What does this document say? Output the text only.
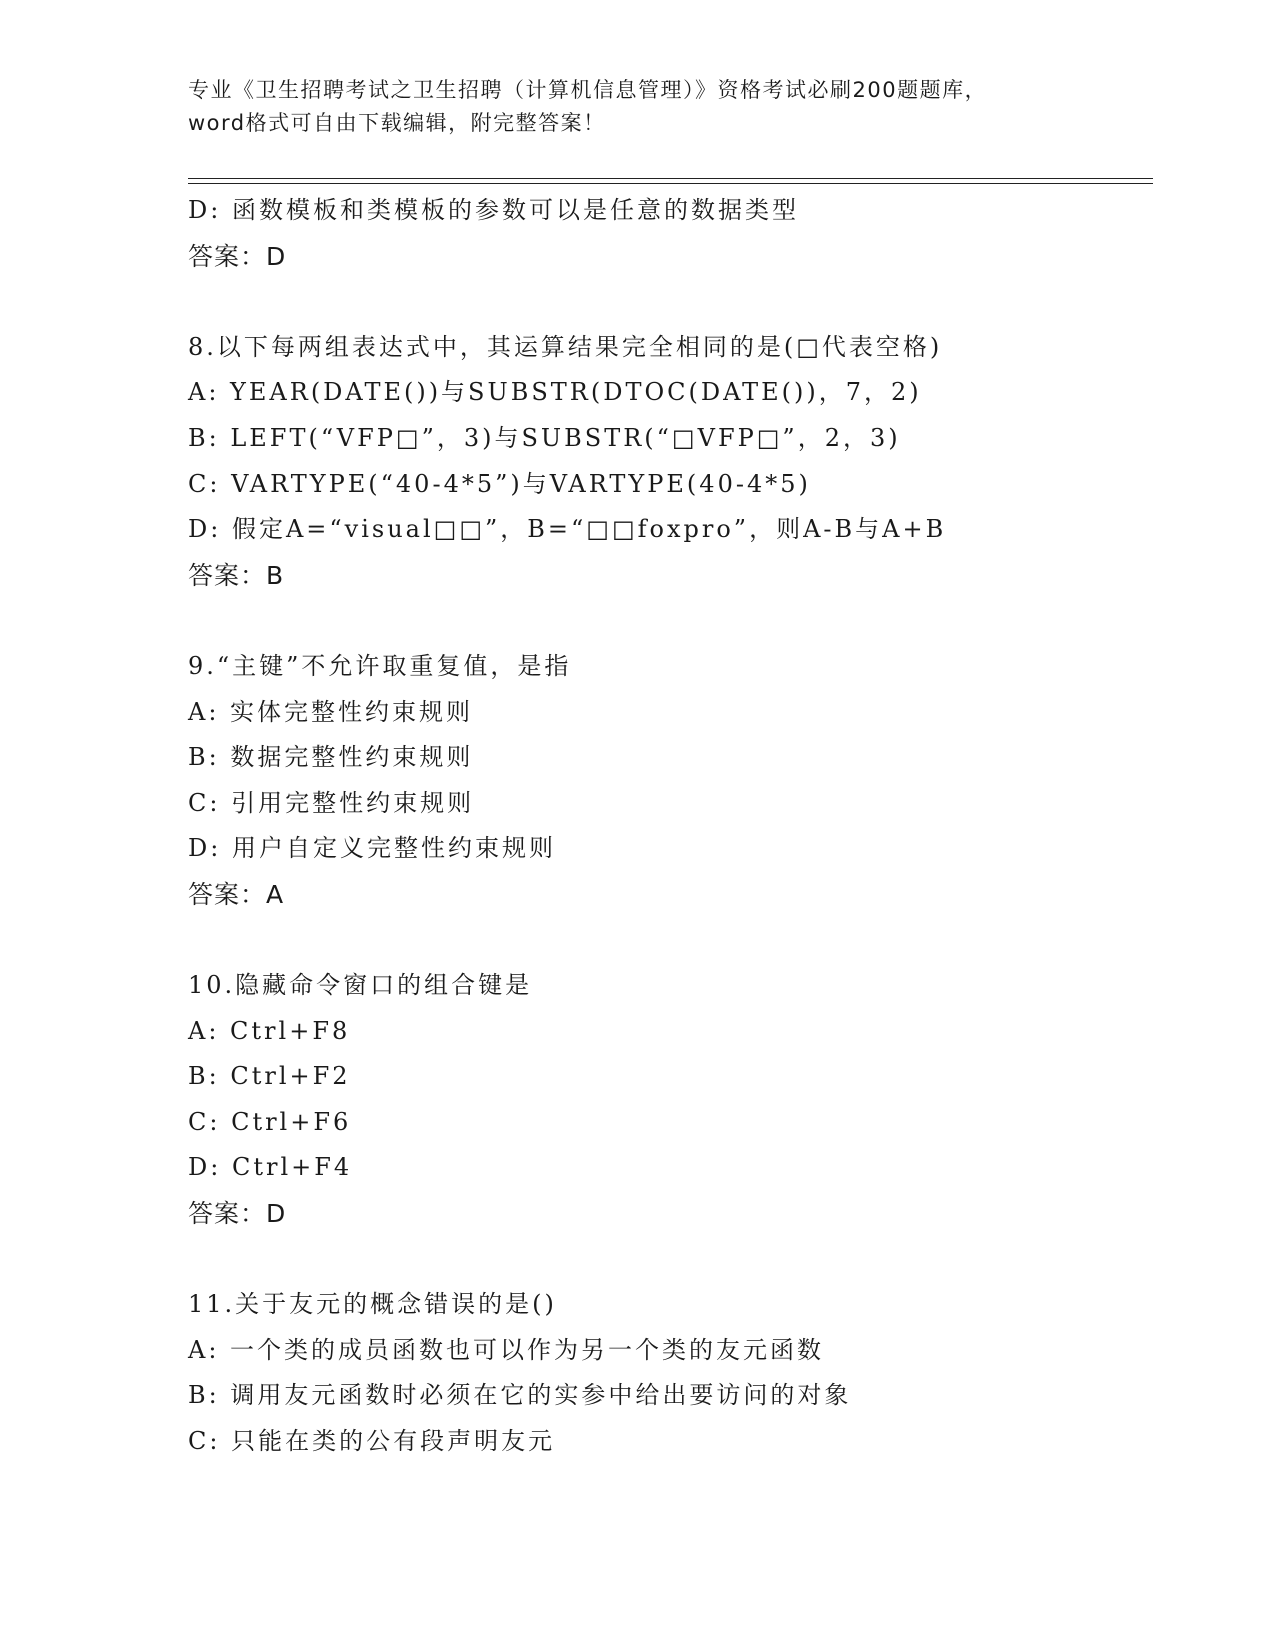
专业《卫生招聘考试之卫生招聘（计算机信息管理）》资格考试必刷200题题库，
word格式可自由下载编辑，附完整答案！
D: 函数模板和类模板的参数可以是任意的数据类型
答案：D
8.以下每两组表达式中，其运算结果完全相同的是(□代表空格)
A: YEAR(DATE())与SUBSTR(DTOC(DATE())，7，2)
B: LEFT(“VFP□”，3)与SUBSTR(“□VFP□”，2，3)
C: VARTYPE(“40-4*5”)与VARTYPE(40-4*5)
D: 假定A=“visual□□”，B=“□□foxpro”，则A-B与A+B
答案：B
9.“主键”不允许取重复值，是指
A: 实体完整性约束规则
B: 数据完整性约束规则
C: 引用完整性约束规则
D: 用户自定义完整性约束规则
答案：A
10.隐藏命令窗口的组合键是
A: Ctrl+F8
B: Ctrl+F2
C: Ctrl+F6
D: Ctrl+F4
答案：D
11.关于友元的概念错误的是()
A: 一个类的成员函数也可以作为另一个类的友元函数
B: 调用友元函数时必须在它的实参中给出要访问的对象
C: 只能在类的公有段声明友元
